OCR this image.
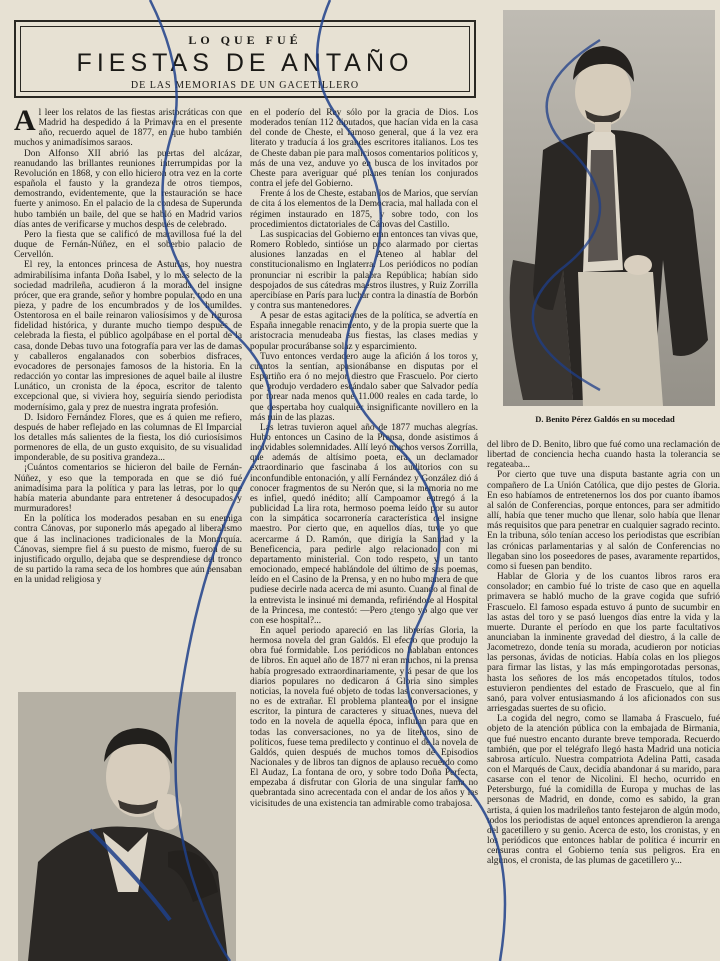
LO QUE FUÉ
FIESTAS DE ANTAÑO
DE LAS MEMORIAS DE UN GACETILLERO

Al leer los relatos de las fiestas aristocráticas con que Madrid ha despedido á la Primavera en el presente año, recuerdo aquel de 1877, en que hubo también muchos y animadísimos saraos.

Don Alfonso XII abrió las puertas del alcázar, reanudando las brillantes reuniones interrumpidas por la Revolución en 1868, y con ello hicieron otra vez en la corte española el fausto y la grandeza de otros tiempos, demostrando, evidentemente, que la restauración se hace fuerte y animoso. En el palacio de la condesa de Superunda hubo también un baile, del que se habló en Madrid varios días antes de verificarse y muchos después de celebrado.

Pero la fiesta que se calificó de maravillosa fué la del duque de Fernán-Núñez, en el soberbio palacio de Cervellón.

El rey, la entonces princesa de Asturias, hoy nuestra admirabilísima infanta Doña Isabel, y lo más selecto de la sociedad madrileña, acudieron á la morada del insigne prócer, que era grande, señor y hombre popular, todo en una pieza, y padre de los encumbrados y de los humildes. Ostentorosa en el baile reinaron valiosísimos y de rigurosa fidelidad histórica, y durante mucho tiempo después de celebrada la fiesta, el público agolpábase en el portal de la casa, donde Debas tuvo una fotografía para ver las de damas y caballeros engalanados con soberbios disfraces, evocadores de personajes famosos de la historia. En la redacción yo contar las impresiones de aquel baile al ilustre Lunático, un cronista de la época, escritor de talento excepcional que, si viviera hoy, seguiría siendo periodista modernísimo, gala y prez de nuestra ingrata profesión.

D. Isidoro Fernández Flores, que es á quien me refiero, después de haber reflejado en las columnas de El Imparcial los detalles más salientes de la fiesta, los dió curiosísimos pormenores de ella, de un gusto exquisito, de su visualidad imponderable, de su positiva grandeza...

¡Cuántos comentarios se hicieron del baile de Fernán-Núñez, y eso que la temporada en que se dió fué animadísima para la política y para las letras, por lo que había materia abundante para entretener á desocupados y murmuradores!

En la política los moderados pesaban en su enemiga contra Cánovas, por suponerlo más apegado al liberalismo que á las inclinaciones tradicionales de la Monarquía. Cánovas, siempre fiel á su puesto de mismo, fueron de su injustificado orgullo, dejaba que se desprendiese del tronco de su partido la rama seca de los hombres que aún pensaban en la unidad religiosa y

en el poderío del Rey sólo por la gracia de Dios. Los moderados tenían 112 diputados, que hacían vida en la casa del conde de Cheste, el famoso general, que á la vez era literato y traducía á los grandes escritores italianos. Los tes de Cheste daban pie para maliciosos comentarios políticos y, más de una vez, anduve yo en busca de los invitados por Cheste para averiguar qué planes tenían los conjurados contra el jefe del Gobierno.

Frente á los de Cheste, estaban los de Marios, que servían de cita á los elementos de la Democracia, mal hallada con el régimen instaurado en 1875, y sobre todo, con los procedimientos dictatoriales de Cánovas del Castillo.

Las suspicacias del Gobierno eran entonces tan vivas que, Romero Robledo, sintióse un poco alarmado por ciertas alusiones lanzadas en el Ateneo al hablar del constitucionalismo en Inglaterra. Los periódicos no podían pronunciar ni escribir la palabra República; habían sido despojados de sus cátedras maestros ilustres, y Ruiz Zorrilla apercibíase en París para luchar contra la dinastía de Borbón y contra sus mantenedores.

A pesar de estas agitaciones de la política, se advertía en España innegable renacimiento, y de la propia suerte que la aristocracia menudeaba sus fiestas, las clases medias y popular procurábanse solaz y esparcimiento.

Tuvo entonces verdadero auge la afición á los toros y, cuantos la sentían, apasionábanse en disputas por el Espartiño era ó no mejor diestro que Frascuelo. Por cierto que produjo verdadero escándalo saber que Salvador pedía por torear nada menos que 11.000 reales en cada tarde, lo que despertaba hoy cualquier insignificante novillero en la más ruin de las plazas.

Las letras tuvieron aquel año de 1877 muchas alegrías. Hubo entonces un Casino de la Prensa, donde asistimos á inolvidables solemnidades. Allí leyó muchos versos Zorrilla, que además de altísimo poeta, era un declamador extraordinario que fascinaba á los auditorios con su inconfundible entonación, y allí Fernández y González dió á conocer fragmentos de su Nerón que, si la memoria no me es infiel, quedó inédito; allí Campoamor entregó á la publicidad La lira rota, hermoso poema leído por su autor con la simpática socarronería característica del insigne maestro. Por cierto que, en aquellos días, tuve yo que acercarme á D. Ramón, que dirigía la Sanidad y la Beneficencia, para pedirle algo relacionado con mi departamento ministerial. Con todo respeto, y un tanto emocionado, empecé hablándole del último de sus poemas, leído en el Casino de la Prensa, y en no hubo manera de que pudiese decirle nada acerca de mi asunto. Cuando al final de la entrevista le insinué mi demanda, refiriéndose al Hospital de la Princesa, me contestó: —Pero ¿tengo yo algo que ver con ese hospital?...

En aquel periodo apareció en las librerías Gloria, la hermosa novela del gran Galdós. El efecto que produjo la obra fué formidable. Los periódicos no hablaban entonces de libros. En aquel año de 1877 ni eran muchos, ni la prensa había progresado extraordinariamente, y á pesar de que los diarios populares no dedicaron á Gloria sino simples noticias, la novela fué objeto de todas las conversaciones, y no es de extrañar. El problema planteado por el insigne escritor, la pintura de caracteres y situaciones, nueva del todo en la novela de aquella época, influían para que en todas las conversaciones, no ya de literatos, sino de políticos, fuese tema predilecto y continuo el de la novela de Galdós, quien después de muchos tomos de Episodios Nacionales y de libros tan dignos de aplauso recuerdo como El Audaz, La fontana de oro, y sobre todo Doña Perfecta, empezaba á disfrutar con Gloria de una singular fama no quebrantada sino acrecentada con el andar de los años y las vicisitudes de una existencia tan admirable como trabajosa.

D. Benito Pérez Galdós en su mocedad

del libro de D. Benito, libro que fué como una reclamación de libertad de conciencia hecha cuando hasta la tolerancia se regateaba...

Por cierto que tuve una disputa bastante agria con un compañero de La Unión Católica, que dijo pestes de Gloria. En eso habíamos de entretenernos los dos por cuanto íbamos al salón de Conferencias, porque entonces, para ser admitido allí, había que tener mucho que llenar, solo había que llenar más requisitos que para penetrar en cualquier sagrado recinto. En la tribuna, sólo tenían acceso los periodistas que escribían las crónicas parlamentarias y al salón de Conferencias no llegaban sino los poseedores de pases, avaramente repartidos, como si fuesen pan bendito.

Hablar de Gloria y de los cuantos libros raros era consolador; en cambio fué lo triste de caso que en aquella primavera se habló mucho de la grave cogida que sufrió Frascuelo. El famoso espada estuvo á punto de sucumbir en las astas del toro y se pasó luengos días entre la vida y la muerte. Durante el período en que los parte facultativos anunciaban la inminente gravedad del diestro, á la calle de Jacometrezo, donde tenía su morada, acudieron por noticias las personas, ávidas de noticias. Había colas en los pliegos para firmar las listas, y las más empingorotadas personas, hasta los señores de los más encopetados títulos, todos estuvieron pendientes del estado de Frascuelo, que al fin sanó, para volver entusiasmando á los aficionados con sus arriesgadas suertes de su oficio.

La cogida del negro, como se llamaba á Frascuelo, fué objeto de la atención pública con la embajada de Birmania, que fué nuestro encanto durante breve temporada. Recuerdo también, que por el telégrafo llegó hasta Madrid una noticia sabrosa artículo. Nuestra compatriota Adelina Patti, casada con el Marqués de Caux, decidía abandonar á su marido, para casarse con el tenor de Nicolini. El hecho, ocurrido en Petersburgo, fué la comidilla de Europa y muchas de las personas de Madrid, en donde, como es sabido, la gran artista, á quien los madrileños tanto festejaron de algún modo, todos los periodistas de aquel entonces aprendieron la arenga del gacetillero y su genio. Acerca de esto, los cronistas, y en los periódicos que entonces hablar de política é incurrir en censuras contra el Gobierno tenía sus peligros. Era en algunos, el cronista, de las plumas de gacetillero y...
